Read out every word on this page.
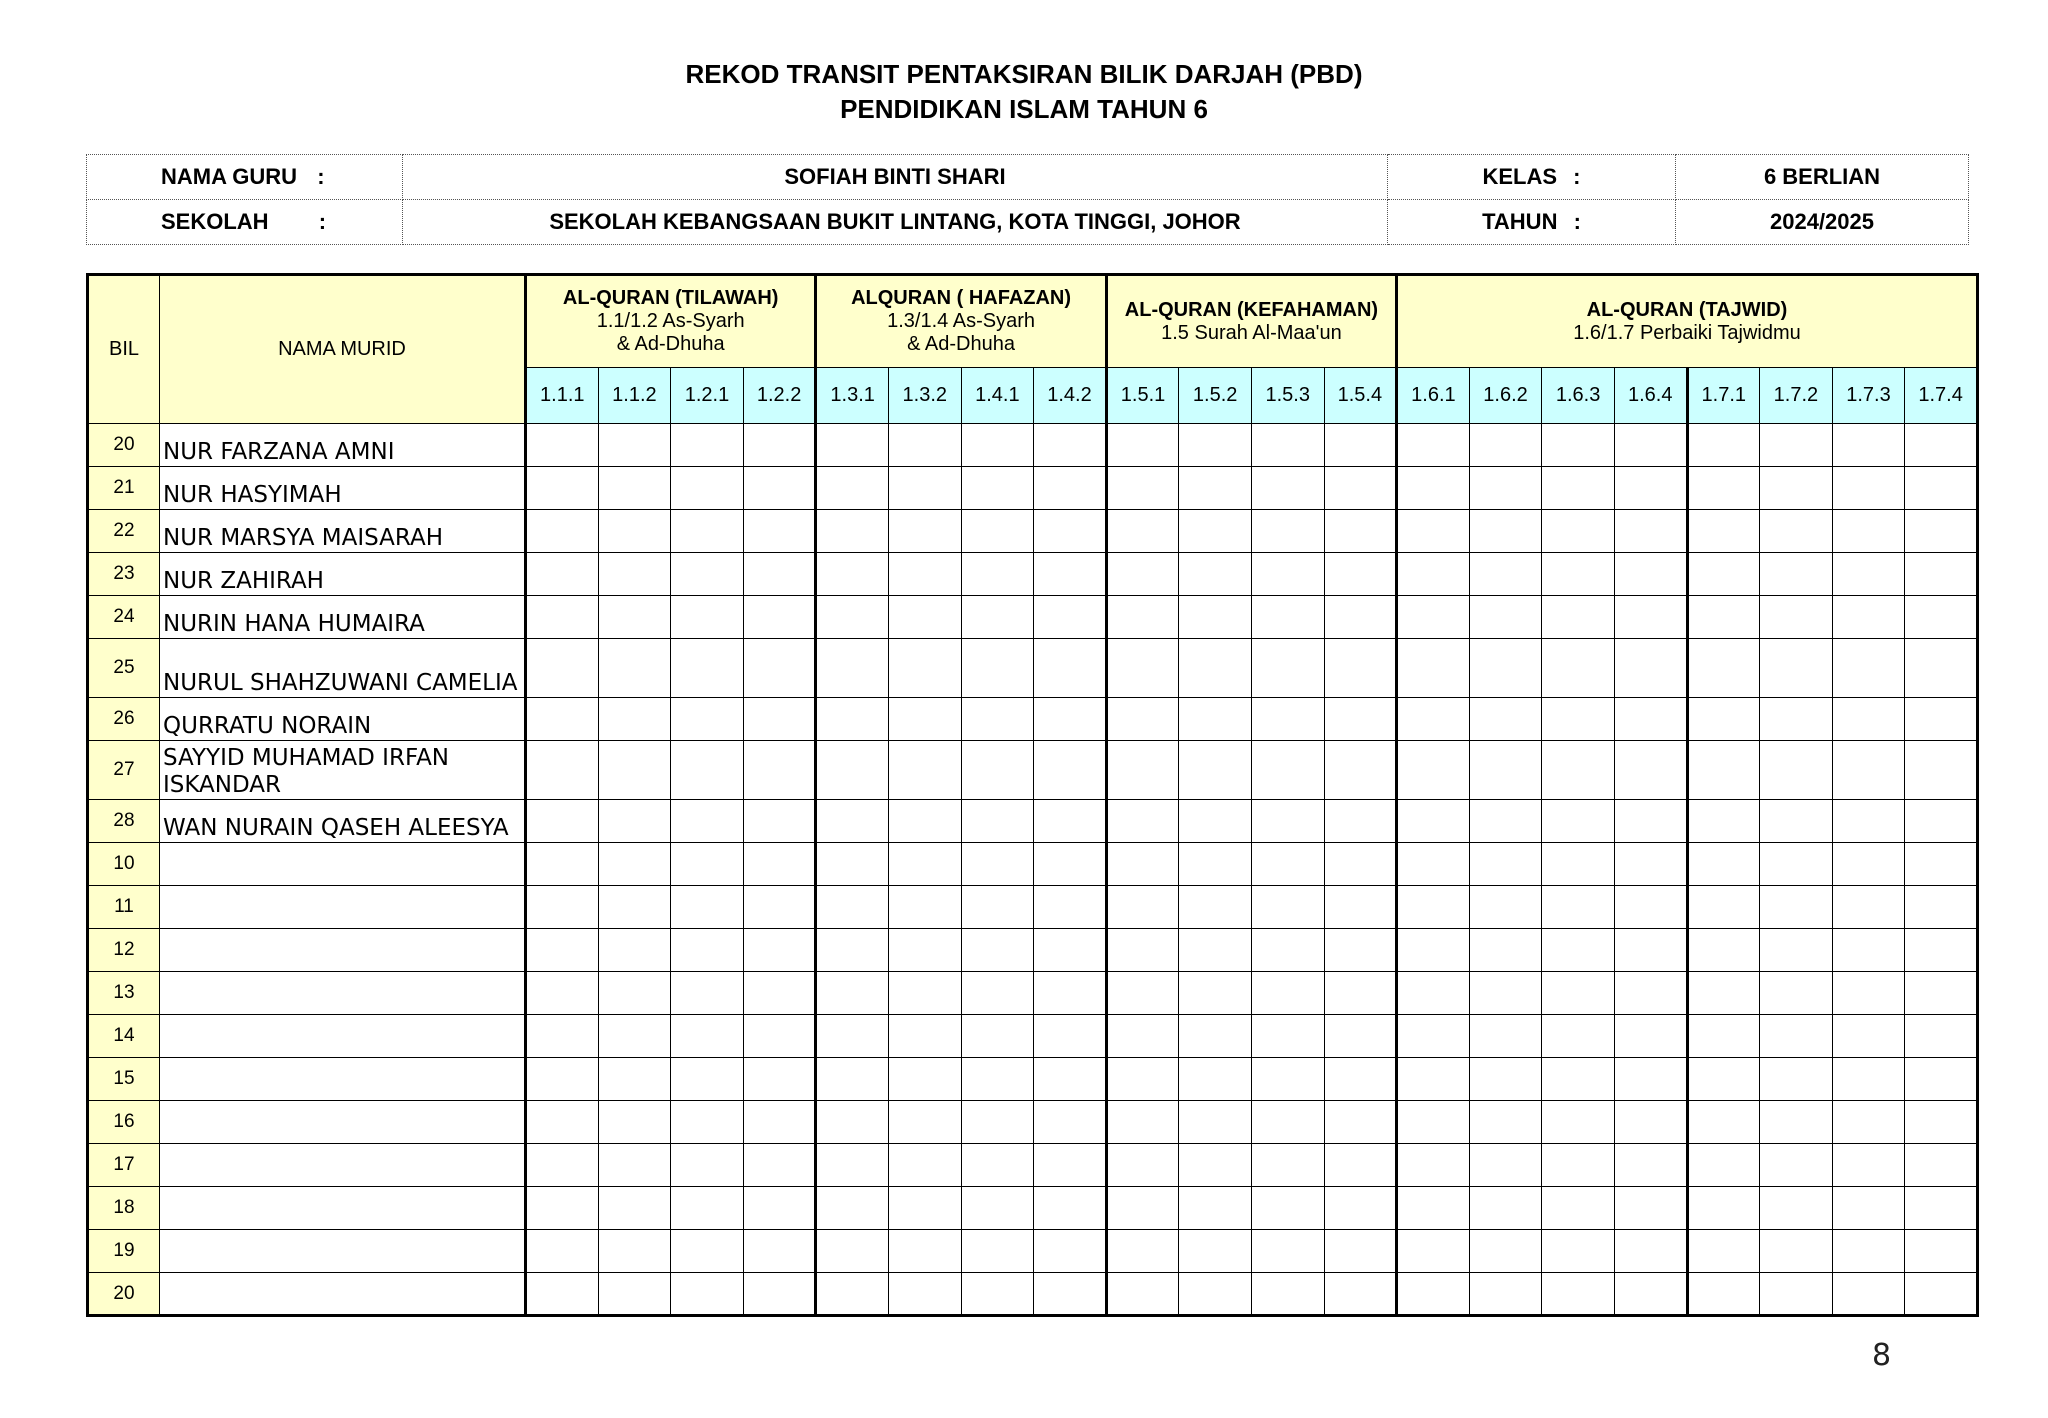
REKOD TRANSIT PENTAKSIRAN BILIK DARJAH (PBD)
PENDIDIKAN ISLAM TAHUN 6
NAMA GURU :	SOFIAH BINTI SHARI	KELAS :	6 BERLIAN
SEKOLAH :	SEKOLAH KEBANGSAAN BUKIT LINTANG, KOTA TINGGI, JOHOR	TAHUN :	2024/2025
BIL	NAMA MURID	AL-QURAN (TILAWAH)
1.1/1.2 As-Syarh
& Ad-Dhuha				ALQURAN ( HAFAZAN)
1.3/1.4 As-Syarh
& Ad-Dhuha				AL-QURAN (KEFAHAMAN)
1.5 Surah Al-Maa'un				AL-QURAN (TAJWID)
1.6/1.7 Perbaiki Tajwidmu							

		1.1.1	1.1.2	1.2.1	1.2.2	1.3.1	1.3.2	1.4.1	1.4.2	1.5.1	1.5.2	1.5.3	1.5.4	1.6.1	1.6.2	1.6.3	1.6.4	1.7.1	1.7.2	1.7.3	1.7.4
20	NUR FARZANA AMNI																				
21	NUR HASYIMAH																				
22	NUR MARSYA MAISARAH																				
23	NUR ZAHIRAH																				
24	NURIN HANA HUMAIRA																				
25	NURUL SHAHZUWANI CAMELIA																				
26	QURRATU NORAIN																				
27	SAYYID MUHAMAD IRFAN ISKANDAR																				
28	WAN NURAIN QASEH ALEESYA																				
10																					
11																					
12																					
13																					
14																					
15																					
16																					
17																					
18																					
19																					
20																					
8
